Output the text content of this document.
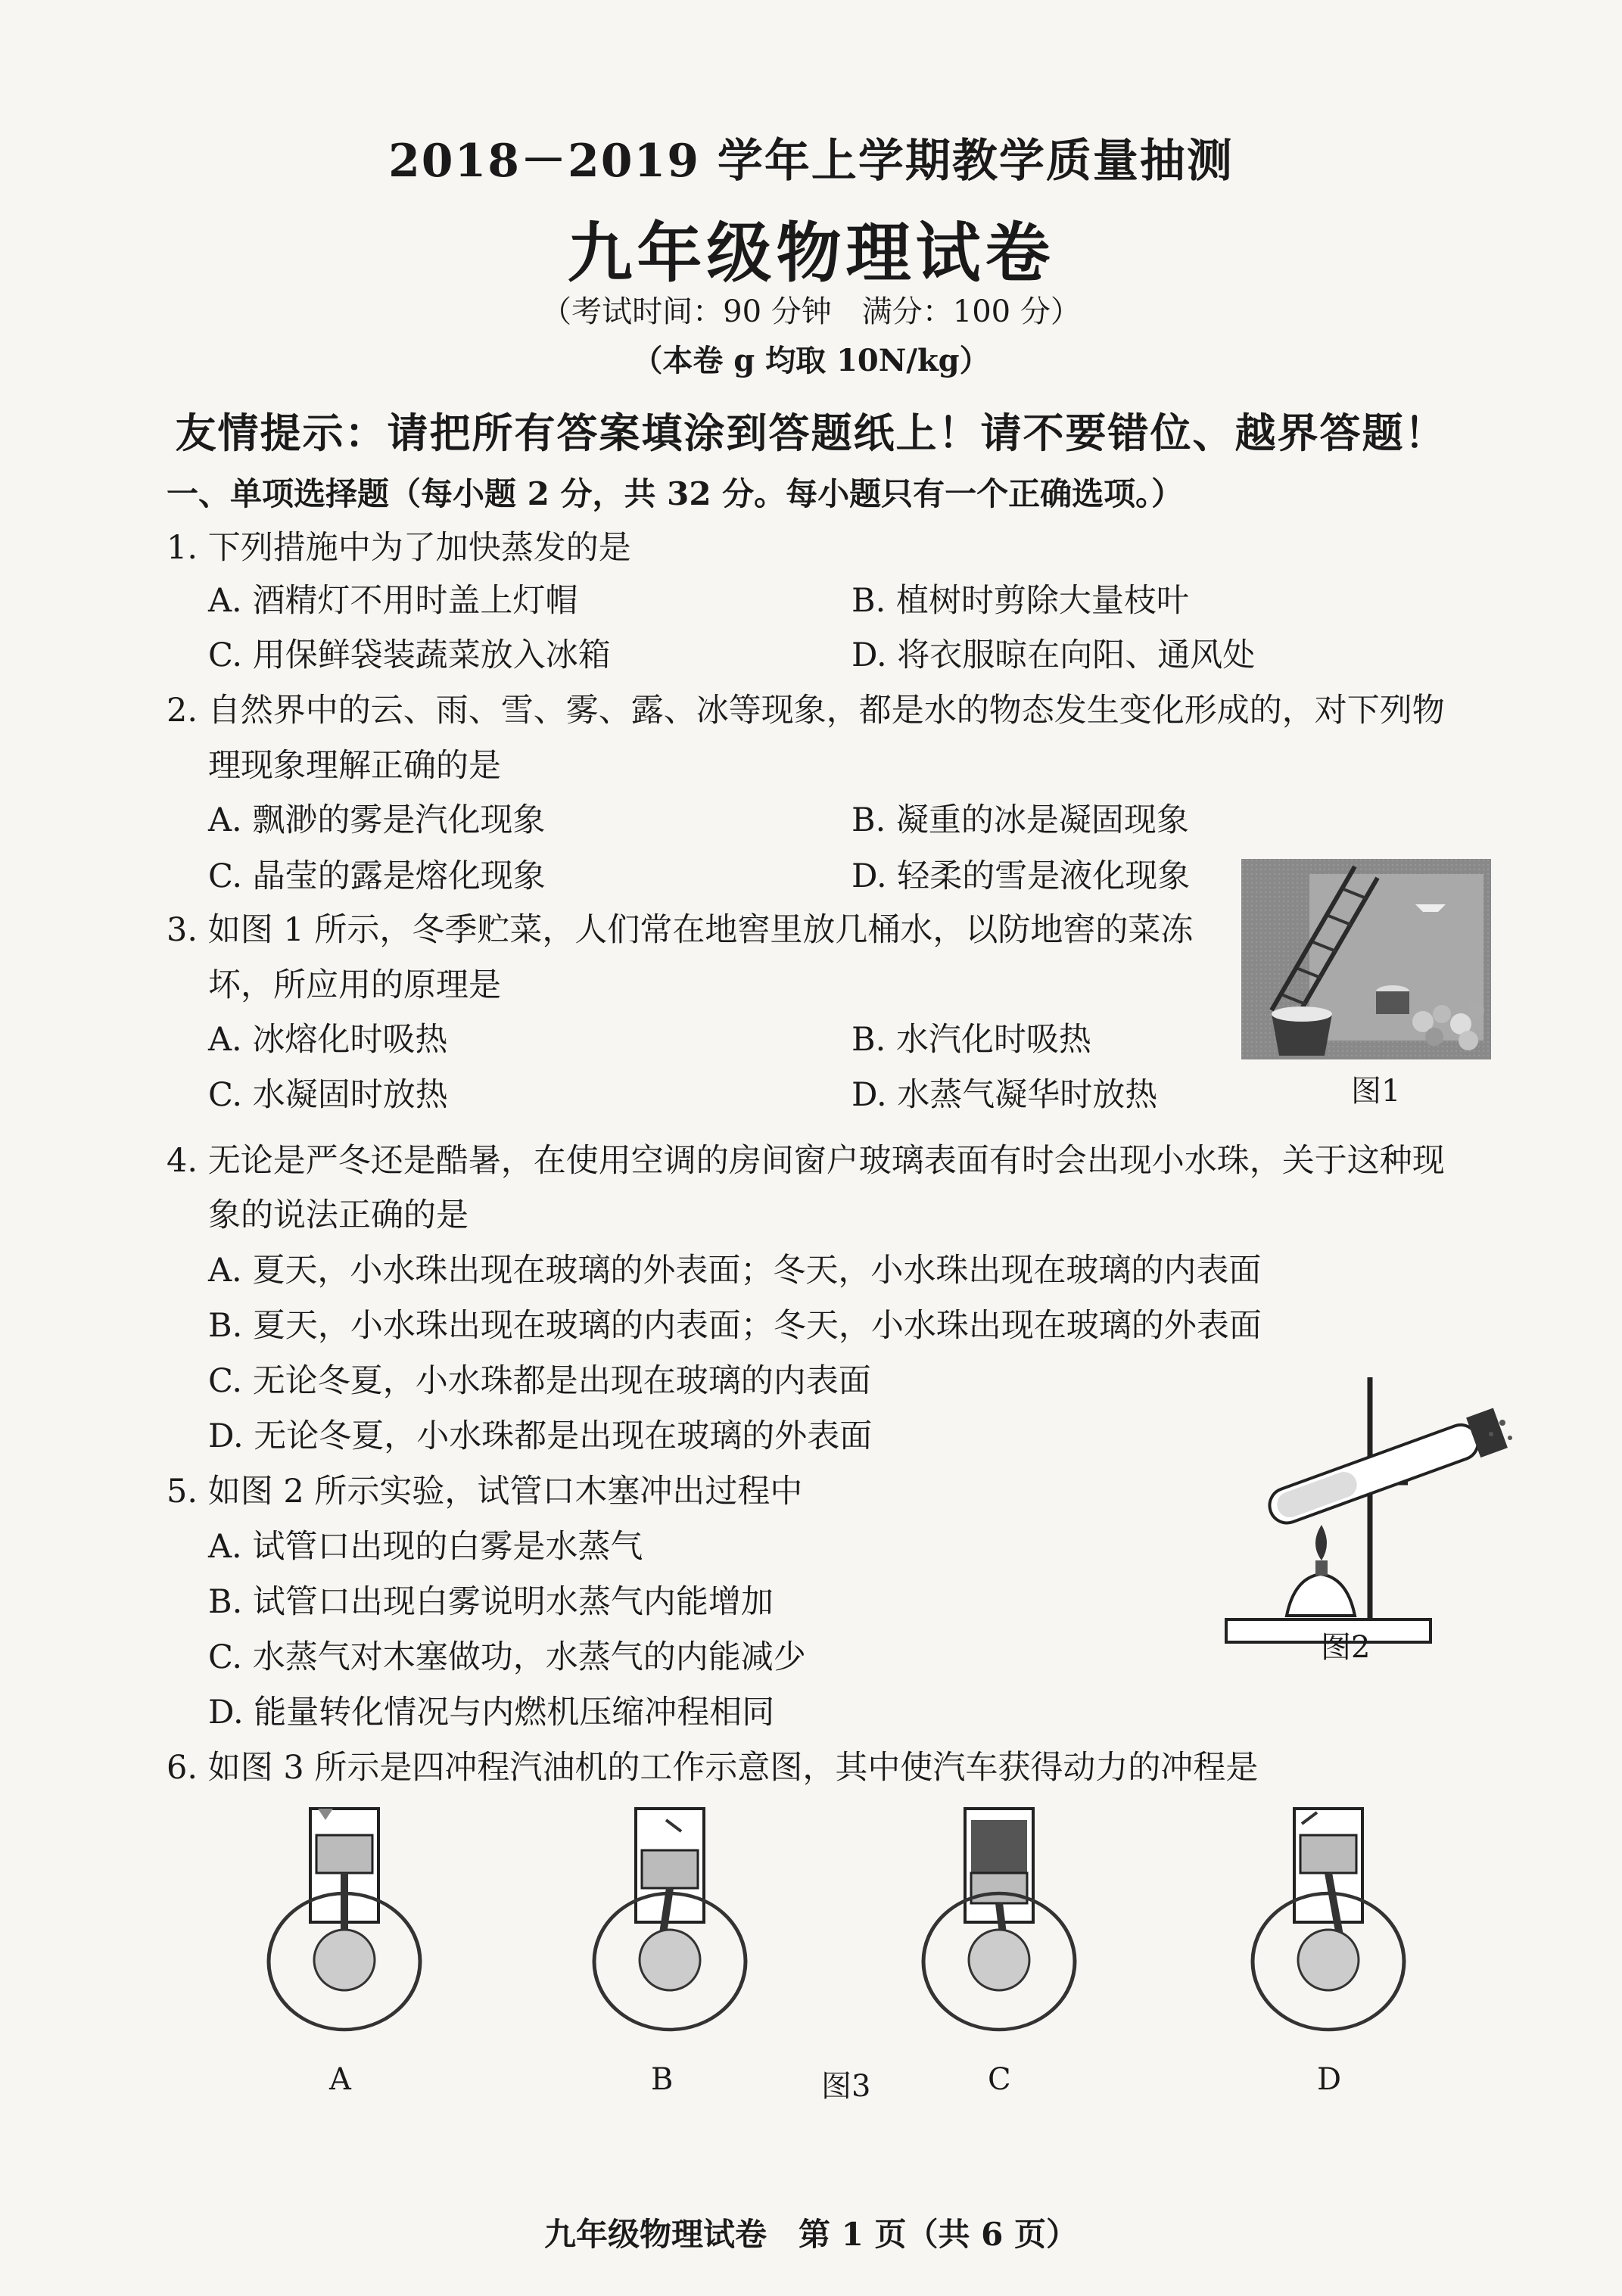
2018－2019 学年上学期教学质量抽测
九年级物理试卷
（考试时间：90 分钟　满分：100 分）
（本卷 g 均取 10N/kg）
友情提示：请把所有答案填涂到答题纸上！请不要错位、越界答题！
一、单项选择题（每小题 2 分，共 32 分。每小题只有一个正确选项。）
1. 下列措施中为了加快蒸发的是
A. 酒精灯不用时盖上灯帽	B. 植树时剪除大量枝叶
C. 用保鲜袋装蔬菜放入冰箱	D. 将衣服晾在向阳、通风处
2. 自然界中的云、雨、雪、雾、露、冰等现象，都是水的物态发生变化形成的，对下列物
理现象理解正确的是
A. 飘渺的雾是汽化现象	B. 凝重的冰是凝固现象
C. 晶莹的露是熔化现象	D. 轻柔的雪是液化现象
3. 如图 1 所示，冬季贮菜，人们常在地窖里放几桶水，以防地窖的菜冻
坏，所应用的原理是
A. 冰熔化时吸热	B. 水汽化时吸热
C. 水凝固时放热	D. 水蒸气凝华时放热	图1
4. 无论是严冬还是酷暑，在使用空调的房间窗户玻璃表面有时会出现小水珠，关于这种现
象的说法正确的是
A. 夏天，小水珠出现在玻璃的外表面；冬天，小水珠出现在玻璃的内表面
B. 夏天，小水珠出现在玻璃的内表面；冬天，小水珠出现在玻璃的外表面
C. 无论冬夏，小水珠都是出现在玻璃的内表面
D. 无论冬夏，小水珠都是出现在玻璃的外表面
图2
5. 如图 2 所示实验，试管口木塞冲出过程中
A. 试管口出现的白雾是水蒸气
B. 试管口出现白雾说明水蒸气内能增加
C. 水蒸气对木塞做功，水蒸气的内能减少
D. 能量转化情况与内燃机压缩冲程相同
6. 如图 3 所示是四冲程汽油机的工作示意图，其中使汽车获得动力的冲程是
A	B	图3	C	D
九年级物理试卷　第 1 页（共 6 页）
